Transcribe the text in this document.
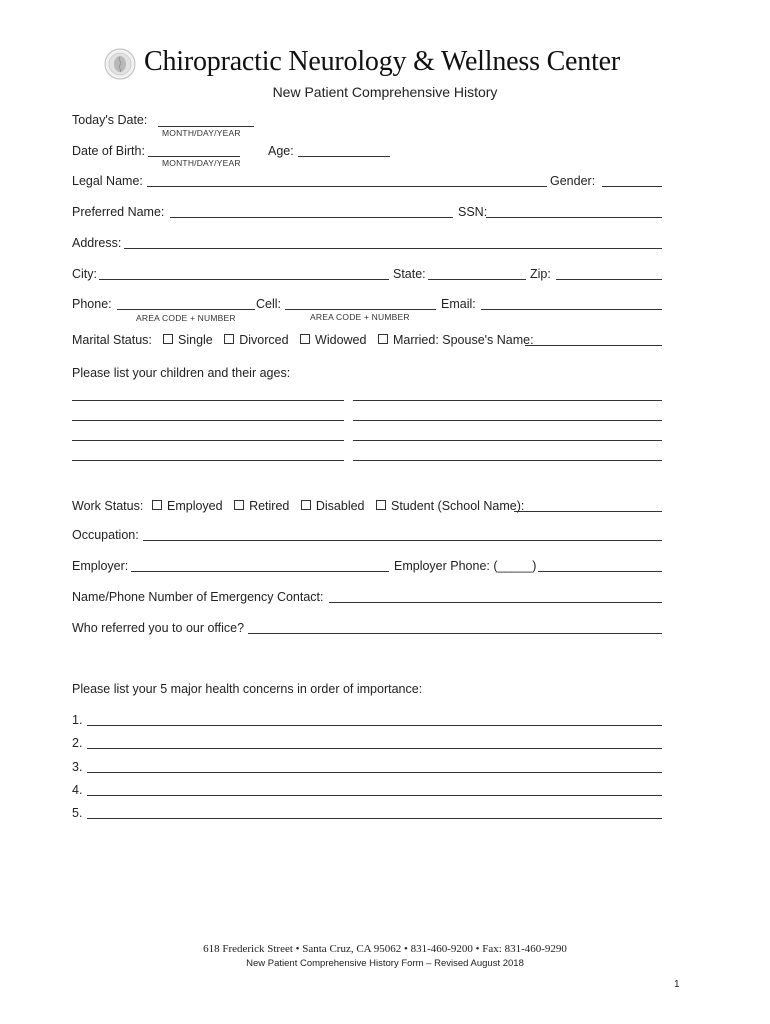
Chiropractic Neurology & Wellness Center
New Patient Comprehensive History
Today's Date:
MONTH/DAY/YEAR
Date of Birth:
MONTH/DAY/YEAR
Age:
Legal Name:	Gender:
Preferred Name:	SSN:
Address:
City:	State:	Zip:
Phone:
AREA CODE + NUMBER
Cell:
AREA CODE + NUMBER
Email:
Marital Status:	Single Divorced Widowed Married: Spouse's Name:
Please list your children and their ages:
Work Status:	Employed Retired Disabled Student (School Name):
Occupation:
Employer:	Employer Phone: (_____)
Name/Phone Number of Emergency Contact:
Who referred you to our office?
Please list your 5 major health concerns in order of importance:
1.
2.
3.
4.
5.
618 Frederick Street • Santa Cruz, CA 95062 • 831-460-9200 • Fax: 831-460-9290
New Patient Comprehensive History Form – Revised August 2018
1
